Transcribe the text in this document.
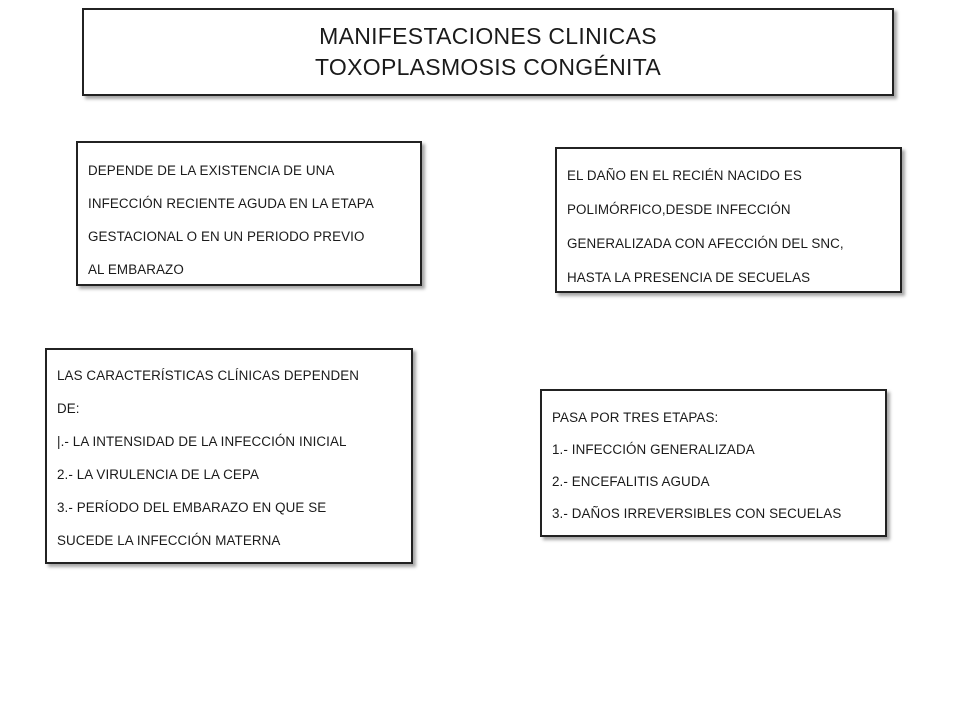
MANIFESTACIONES CLINICAS
TOXOPLASMOSIS CONGÉNITA
DEPENDE DE LA EXISTENCIA DE UNA
INFECCIÓN RECIENTE AGUDA EN LA ETAPA
GESTACIONAL O EN UN PERIODO PREVIO
AL EMBARAZO
EL DAÑO EN EL RECIÉN NACIDO ES
POLIMÓRFICO,DESDE INFECCIÓN
GENERALIZADA CON AFECCIÓN DEL SNC,
HASTA LA PRESENCIA DE SECUELAS
LAS CARACTERÍSTICAS CLÍNICAS DEPENDEN
DE:
|.- LA INTENSIDAD DE LA INFECCIÓN INICIAL
2.- LA VIRULENCIA DE LA CEPA
3.- PERÍODO DEL EMBARAZO EN QUE SE
SUCEDE LA INFECCIÓN MATERNA
PASA POR TRES ETAPAS:
1.- INFECCIÓN GENERALIZADA
2.- ENCEFALITIS AGUDA
3.- DAÑOS IRREVERSIBLES CON SECUELAS
